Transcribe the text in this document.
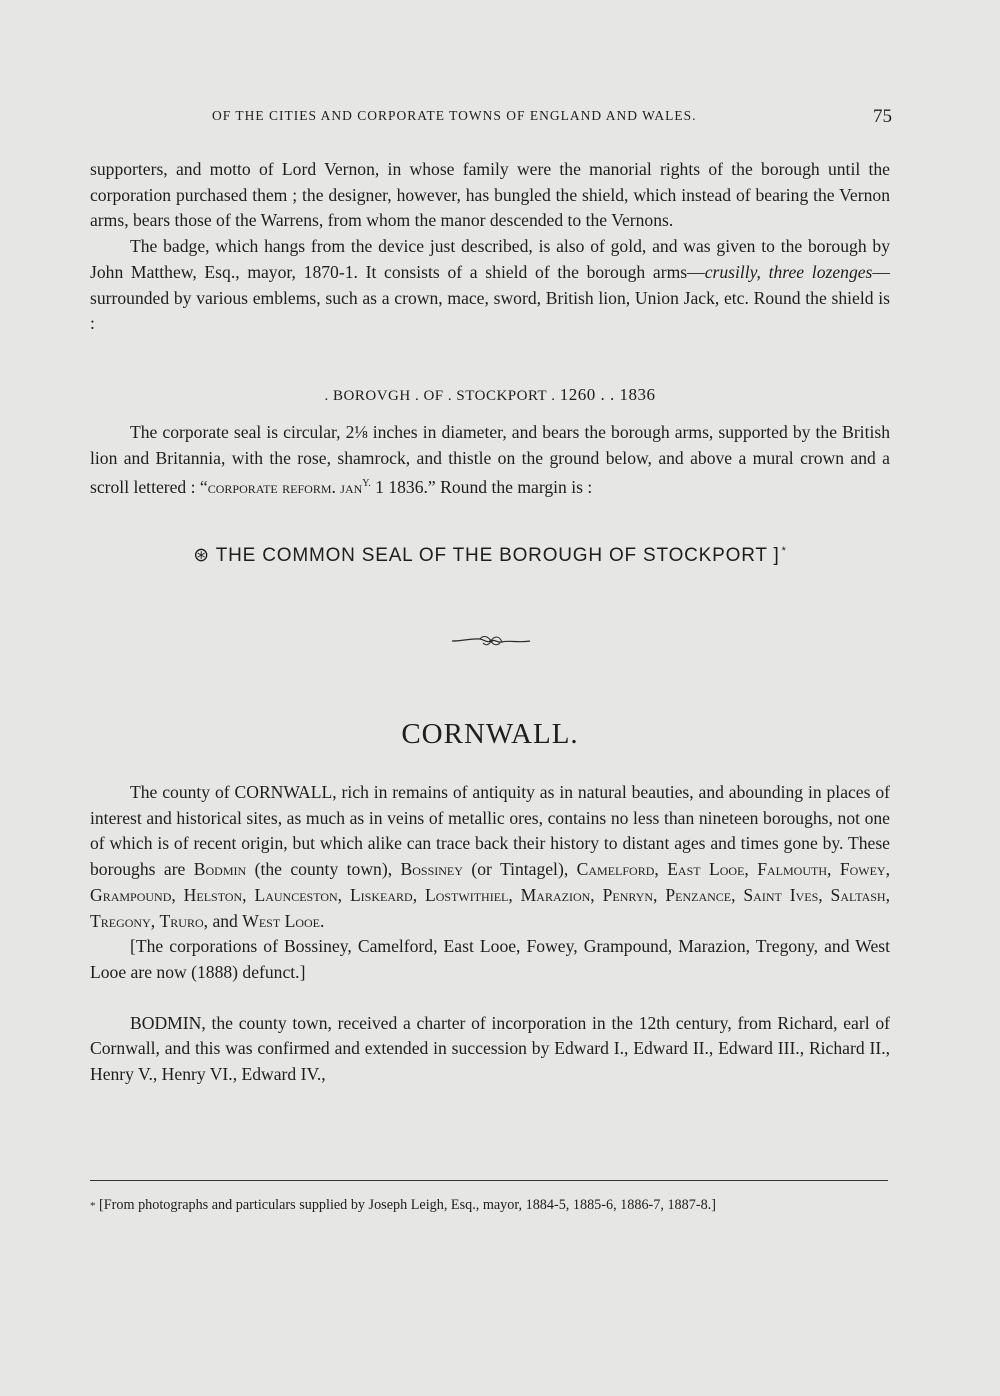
OF THE CITIES AND CORPORATE TOWNS OF ENGLAND AND WALES.	75

supporters, and motto of Lord Vernon, in whose family were the manorial rights of the borough until the corporation purchased them ; the designer, however, has bungled the shield, which instead of bearing the Vernon arms, bears those of the Warrens, from whom the manor descended to the Vernons.

The badge, which hangs from the device just described, is also of gold, and was given to the borough by John Matthew, Esq., mayor, 1870-1. It consists of a shield of the borough arms—crusilly, three lozenges—surrounded by various emblems, such as a crown, mace, sword, British lion, Union Jack, etc. Round the shield is :

. BOROVGH . OF . STOCKPORT . 1260 . . 1836

The corporate seal is circular, 2⅛ inches in diameter, and bears the borough arms, supported by the British lion and Britannia, with the rose, shamrock, and thistle on the ground below, and above a mural crown and a scroll lettered : “corporate reform. jan$^{Y.}$ 1 1836.” Round the margin is :

⊛ THE COMMON SEAL OF THE BOROUGH OF STOCKPORT ] *
CORNWALL.

The county of CORNWALL, rich in remains of antiquity as in natural beauties, and abounding in places of interest and historical sites, as much as in veins of metallic ores, contains no less than nineteen boroughs, not one of which is of recent origin, but which alike can trace back their history to distant ages and times gone by. These boroughs are Bodmin (the county town), Bossiney (or Tintagel), Camelford, East Looe, Falmouth, Fowey, Grampound, Helston, Launceston, Liskeard, Lostwithiel, Marazion, Penryn, Penzance, Saint Ives, Saltash, Tregony, Truro, and West Looe.

[The corporations of Bossiney, Camelford, East Looe, Fowey, Grampound, Marazion, Tregony, and West Looe are now (1888) defunct.]

BODMIN, the county town, received a charter of incorporation in the 12th century, from Richard, earl of Cornwall, and this was confirmed and extended in succession by Edward I., Edward II., Edward III., Richard II., Henry V., Henry VI., Edward IV.,

* [From photographs and particulars supplied by Joseph Leigh, Esq., mayor, 1884-5, 1885-6, 1886-7, 1887-8.]
